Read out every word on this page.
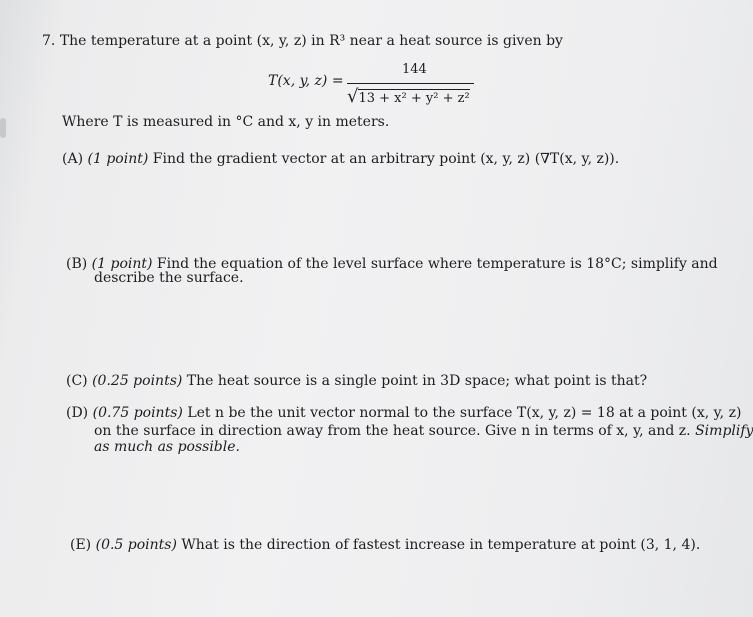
7. The temperature at a point (x, y, z) in R³ near a heat source is given by
T(x, y, z) =
144
√13 + x² + y² + z²
Where T is measured in °C and x, y in meters.
(A) (1 point) Find the gradient vector at an arbitrary point (x, y, z) (∇T(x, y, z)).
(B) (1 point) Find the equation of the level surface where temperature is 18°C; simplify and
describe the surface.
(C) (0.25 points) The heat source is a single point in 3D space; what point is that?
(D) (0.75 points) Let n be the unit vector normal to the surface T(x, y, z) = 18 at a point (x, y, z)
on the surface in direction away from the heat source. Give n in terms of x, y, and z. Simplify
as much as possible.
(E) (0.5 points) What is the direction of fastest increase in temperature at point (3, 1, 4).
